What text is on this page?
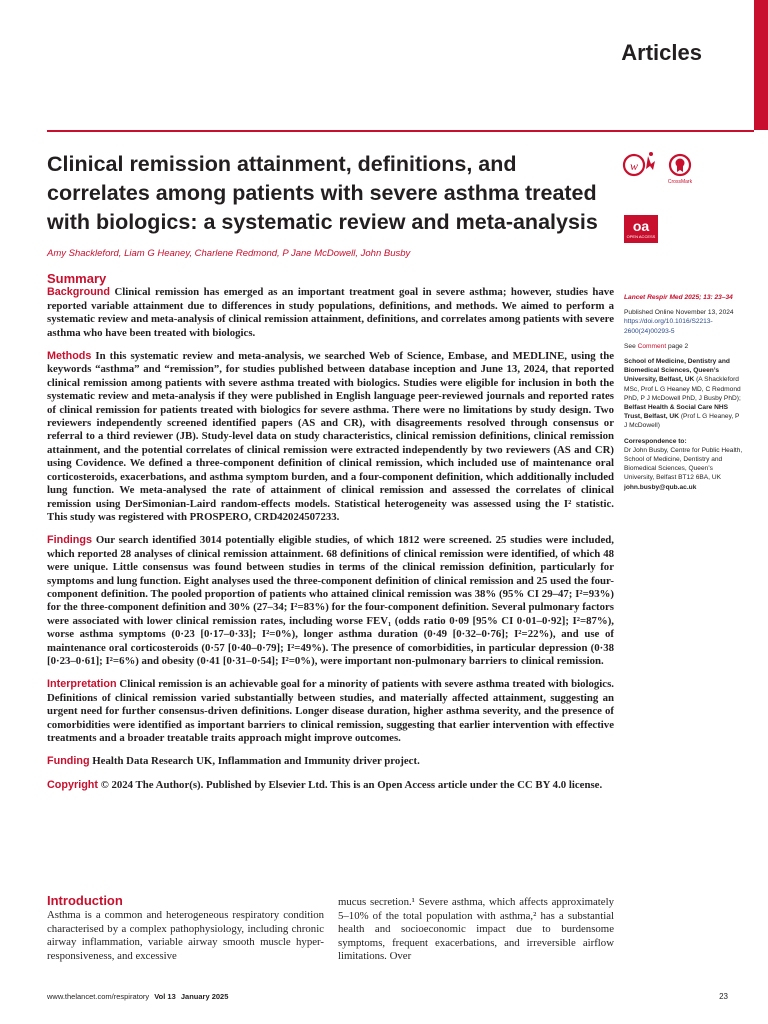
Articles
Clinical remission attainment, definitions, and correlates among patients with severe asthma treated with biologics: a systematic review and meta-analysis
Amy Shackleford, Liam G Heaney, Charlene Redmond, P Jane McDowell, John Busby
w
CrossMark
oa
OPEN ACCESS
Summary

Background Clinical remission has emerged as an important treatment goal in severe asthma; however, studies have reported variable attainment due to differences in study populations, definitions, and methods. We aimed to perform a systematic review and meta-analysis of clinical remission attainment, definitions, and correlates among patients with severe asthma who have been treated with biologics.

Methods In this systematic review and meta-analysis, we searched Web of Science, Embase, and MEDLINE, using the keywords “asthma” and “remission”, for studies published between database inception and June 13, 2024, that reported clinical remission among patients with severe asthma treated with biologics. Studies were eligible for inclusion in both the systematic review and meta-analysis if they were published in English language peer-reviewed journals and reported rates of clinical remission for patients treated with biologics for severe asthma. There were no limitations by study design. Two reviewers independently screened identified papers (AS and CR), with disagreements resolved through consensus or referral to a third reviewer (JB). Study-level data on study characteristics, clinical remission definitions, clinical remission attainment, and the potential correlates of clinical remission were extracted independently by two reviewers (AS and CR) using Covidence. We defined a three-component definition of clinical remission, which included use of maintenance oral corticosteroids, exacerbations, and asthma symptom burden, and a four-component definition, which additionally included lung function. We meta-analysed the rate of attainment of clinical remission and assessed the correlates of clinical remission using DerSimonian-Laird random-effects models. Statistical heterogeneity was assessed using the I² statistic. This study was registered with PROSPERO, CRD42024507233.

Findings Our search identified 3014 potentially eligible studies, of which 1812 were screened. 25 studies were included, which reported 28 analyses of clinical remission attainment. 68 definitions of clinical remission were identified, of which 48 were unique. Little consensus was found between studies in terms of the clinical remission definition, particularly for symptoms and lung function. Eight analyses used the three-component definition of clinical remission and 25 used the four-component definition. The pooled proportion of patients who attained clinical remission was 38% (95% CI 29–47; I²=93%) for the three-component definition and 30% (27–34; I²=83%) for the four-component definition. Several pulmonary factors were associated with lower clinical remission rates, including worse FEV₁ (odds ratio 0·09 [95% CI 0·01–0·92]; I²=87%), worse asthma symptoms (0·23 [0·17–0·33]; I²=0%), longer asthma duration (0·49 [0·32–0·76]; I²=22%), and use of maintenance oral corticosteroids (0·57 [0·40–0·79]; I²=49%). The presence of comorbidities, in particular depression (0·38 [0·23–0·61]; I²=6%) and obesity (0·41 [0·31–0·54]; I²=0%), were important non-pulmonary barriers to clinical remission.

Interpretation Clinical remission is an achievable goal for a minority of patients with severe asthma treated with biologics. Definitions of clinical remission varied substantially between studies, and materially affected attainment, suggesting an urgent need for further consensus-driven definitions. Longer disease duration, higher asthma severity, and the presence of comorbidities were identified as important barriers to clinical remission, suggesting that earlier intervention with effective treatments and a broader treatable traits approach might improve outcomes.

Funding Health Data Research UK, Inflammation and Immunity driver project.

Copyright © 2024 The Author(s). Published by Elsevier Ltd. This is an Open Access article under the CC BY 4.0 license.

Lancet Respir Med 2025; 13: 23–34

Published Online November 13, 2024
https://doi.org/10.1016/S2213-2600(24)00293-5

See Comment page 2

School of Medicine, Dentistry and Biomedical Sciences, Queen’s University, Belfast, UK (A Shackleford MSc, Prof L G Heaney MD, C Redmond PhD, P J McDowell PhD, J Busby PhD); Belfast Health & Social Care NHS Trust, Belfast, UK (Prof L G Heaney, P J McDowell)

Correspondence to:
Dr John Busby, Centre for Public Health, School of Medicine, Dentistry and Biomedical Sciences, Queen’s University, Belfast BT12 6BA, UK
john.busby@qub.ac.uk

Introduction

Asthma is a common and heterogeneous respiratory condition characterised by a complex pathophysiology, including chronic airway inflammation, variable airway smooth muscle hyper-responsiveness, and excessive

mucus secretion.¹ Severe asthma, which affects approximately 5–10% of the total population with asthma,² has a substantial health and socioeconomic impact due to burdensome symptoms, frequent exacerbations, and irreversible airflow limitations. Over

www.thelancet.com/respiratory Vol 13 January 2025	23
